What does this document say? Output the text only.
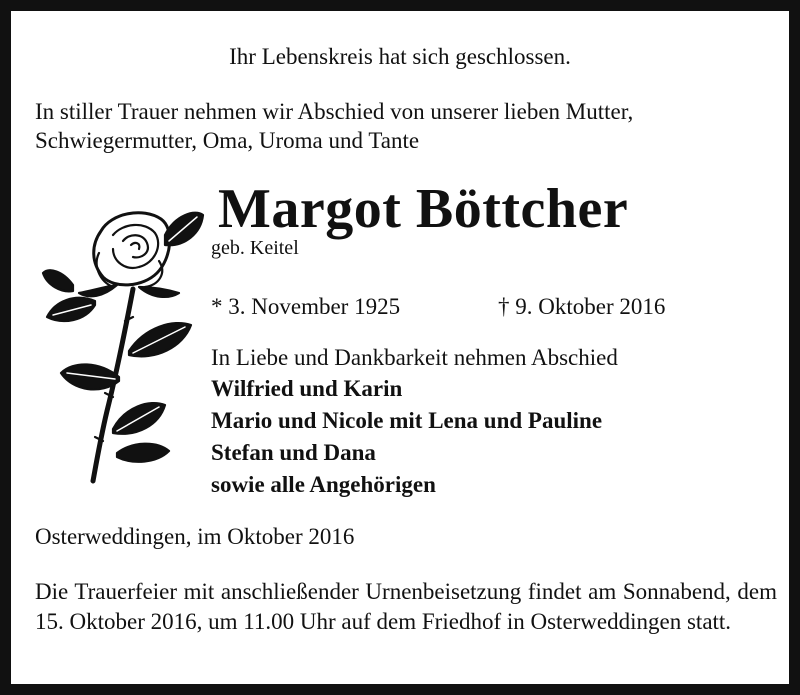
Ihr Lebenskreis hat sich geschlossen.
In stiller Trauer nehmen wir Abschied von unserer lieben Mutter,
Schwiegermutter, Oma, Uroma und Tante
Margot Böttcher
geb. Keitel
* 3. November 1925	† 9. Oktober 2016
In Liebe und Dankbarkeit nehmen Abschied
Wilfried und Karin
Mario und Nicole mit Lena und Pauline
Stefan und Dana
sowie alle Angehörigen
Osterweddingen, im Oktober 2016
Die Trauerfeier mit anschließender Urnenbeisetzung findet am Sonnabend, dem 15. Oktober 2016, um 11.00 Uhr auf dem Friedhof in Osterweddingen statt.
